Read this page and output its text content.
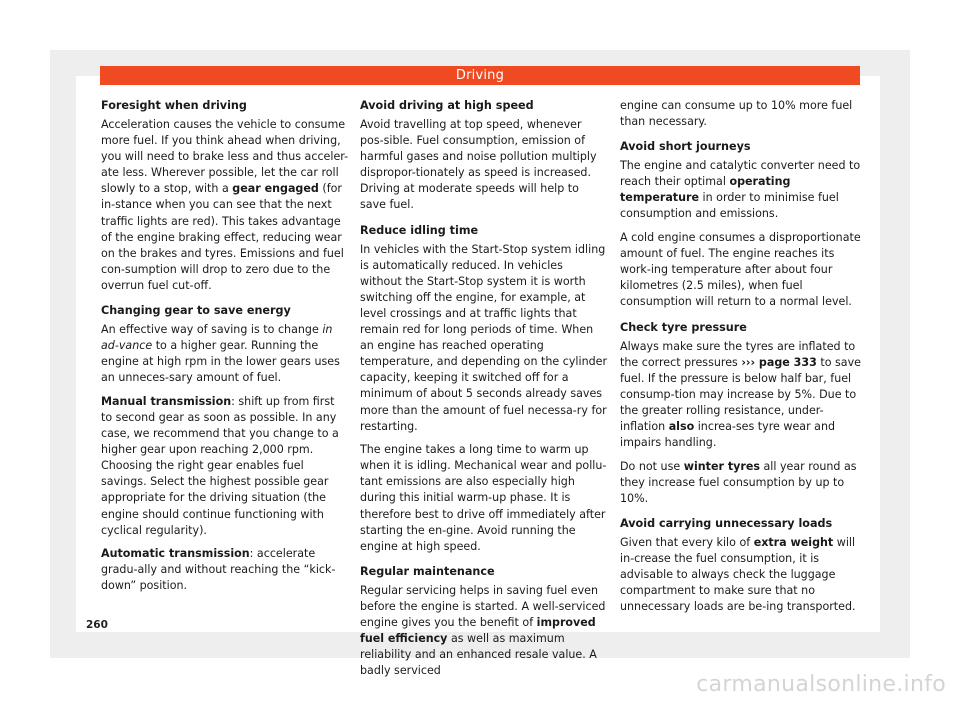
Driving
Foresight when driving

Acceleration causes the vehicle to consume more fuel. If you think ahead when driving, you will need to brake less and thus acceler-ate less. Wherever possible, let the car roll slowly to a stop, with a gear engaged (for in-stance when you can see that the next traffic lights are red). This takes advantage of the engine braking effect, reducing wear on the brakes and tyres. Emissions and fuel con-sumption will drop to zero due to the overrun fuel cut-off.

Changing gear to save energy

An effective way of saving is to change in ad-vance to a higher gear. Running the engine at high rpm in the lower gears uses an unneces-sary amount of fuel.

Manual transmission: shift up from first to second gear as soon as possible. In any case, we recommend that you change to a higher gear upon reaching 2,000 rpm. Choosing the right gear enables fuel savings. Select the highest possible gear appropriate for the driving situation (the engine should continue functioning with cyclical regularity).

Automatic transmission: accelerate gradu-ally and without reaching the “kick-down” position.

Avoid driving at high speed

Avoid travelling at top speed, whenever pos-sible. Fuel consumption, emission of harmful gases and noise pollution multiply dispropor-tionately as speed is increased. Driving at moderate speeds will help to save fuel.

Reduce idling time

In vehicles with the Start-Stop system idling is automatically reduced. In vehicles without the Start-Stop system it is worth switching off the engine, for example, at level crossings and at traffic lights that remain red for long periods of time. When an engine has reached operating temperature, and depending on the cylinder capacity, keeping it switched off for a minimum of about 5 seconds already saves more than the amount of fuel necessa-ry for restarting.

The engine takes a long time to warm up when it is idling. Mechanical wear and pollu-tant emissions are also especially high during this initial warm-up phase. It is therefore best to drive off immediately after starting the en-gine. Avoid running the engine at high speed.

Regular maintenance

Regular servicing helps in saving fuel even before the engine is started. A well-serviced engine gives you the benefit of improved fuel efficiency as well as maximum reliability and an enhanced resale value. A badly serviced

engine can consume up to 10% more fuel than necessary.

Avoid short journeys

The engine and catalytic converter need to reach their optimal operating temperature in order to minimise fuel consumption and emissions.

A cold engine consumes a disproportionate amount of fuel. The engine reaches its work-ing temperature after about four kilometres (2.5 miles), when fuel consumption will return to a normal level.

Check tyre pressure

Always make sure the tyres are inflated to the correct pressures ››› page 333 to save fuel. If the pressure is below half bar, fuel consump-tion may increase by 5%. Due to the greater rolling resistance, under-inflation also increa-ses tyre wear and impairs handling.

Do not use winter tyres all year round as they increase fuel consumption by up to 10%.

Avoid carrying unnecessary loads

Given that every kilo of extra weight will in-crease the fuel consumption, it is advisable to always check the luggage compartment to make sure that no unnecessary loads are be-ing transported.

260
carmanualsonline.info
